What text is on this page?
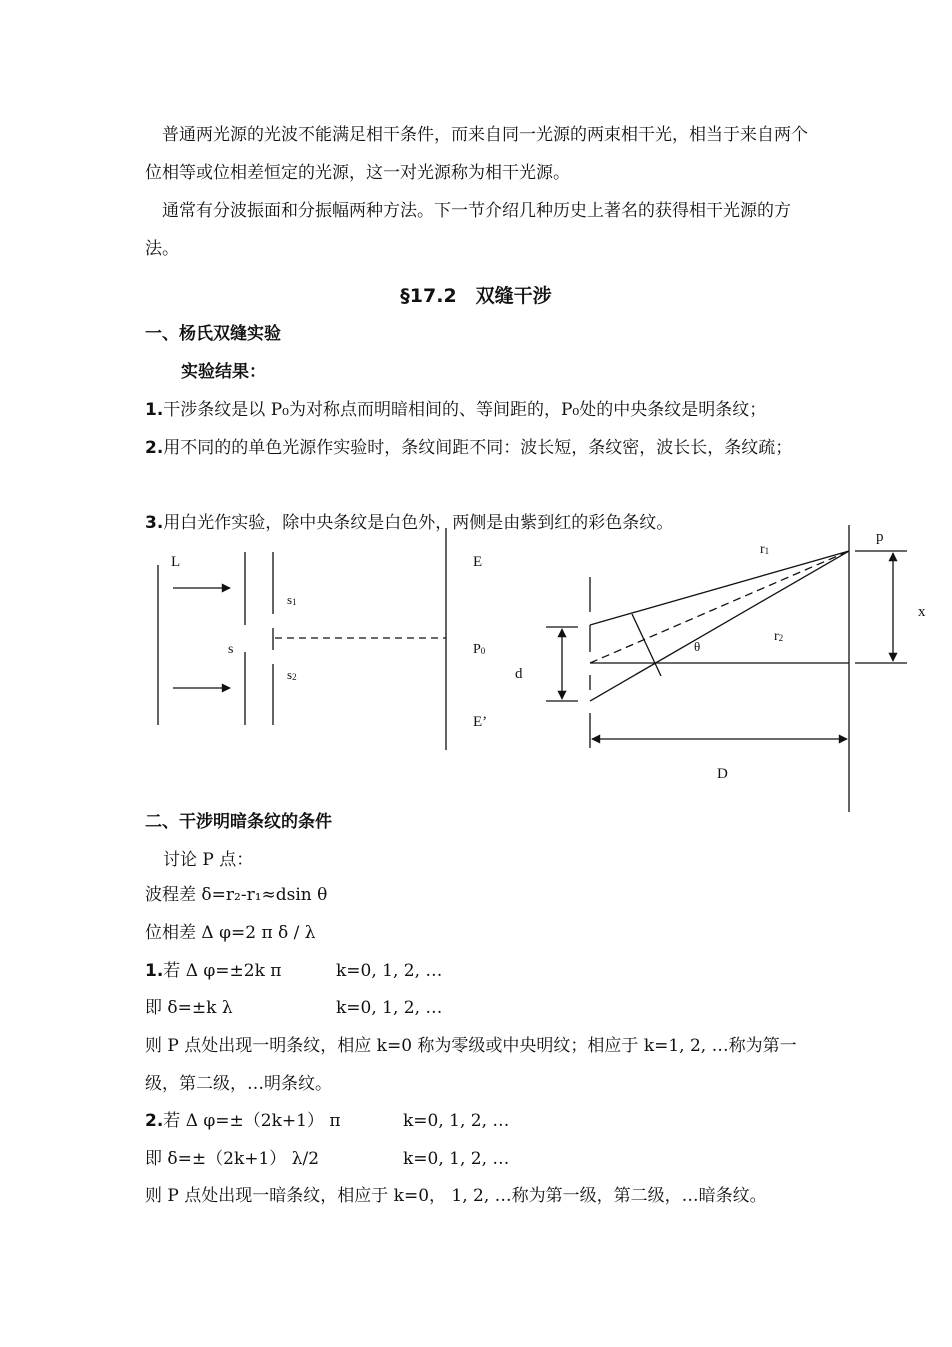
普通两光源的光波不能满足相干条件，而来自同一光源的两束相干光，相当于来自两个位相等或位相差恒定的光源，这一对光源称为相干光源。
通常有分波振面和分振幅两种方法。下一节介绍几种历史上著名的获得相干光源的方法。
§17.2　双缝干涉
一、杨氏双缝实验
实验结果：
1.干涉条纹是以 P₀为对称点而明暗相间的、等间距的，P₀处的中央条纹是明条纹；
2.用不同的的单色光源作实验时，条纹间距不同：波长短，条纹密，波长长，条纹疏；
3.用白光作实验，除中央条纹是白色外，两侧是由紫到红的彩色条纹。
L
s1
s
s2
E
P0
E’
p
r1
r2
θ
d
x
D
二、干涉明暗条纹的条件
讨论 P 点：
波程差 δ=r₂-r₁≈dsin θ
位相差 Δ φ=2 π δ / λ
1.若 Δ φ=±2k π	k=0, 1, 2, …
即 δ=±k λ	k=0, 1, 2, …
则 P 点处出现一明条纹，相应 k=0 称为零级或中央明纹；相应于 k=1, 2, …称为第一级，第二级，…明条纹。
2.若 Δ φ=±（2k+1） π	k=0, 1, 2, …
即 δ=±（2k+1） λ/2	k=0, 1, 2, …
则 P 点处出现一暗条纹，相应于 k=0， 1, 2, …称为第一级，第二级，…暗条纹。
